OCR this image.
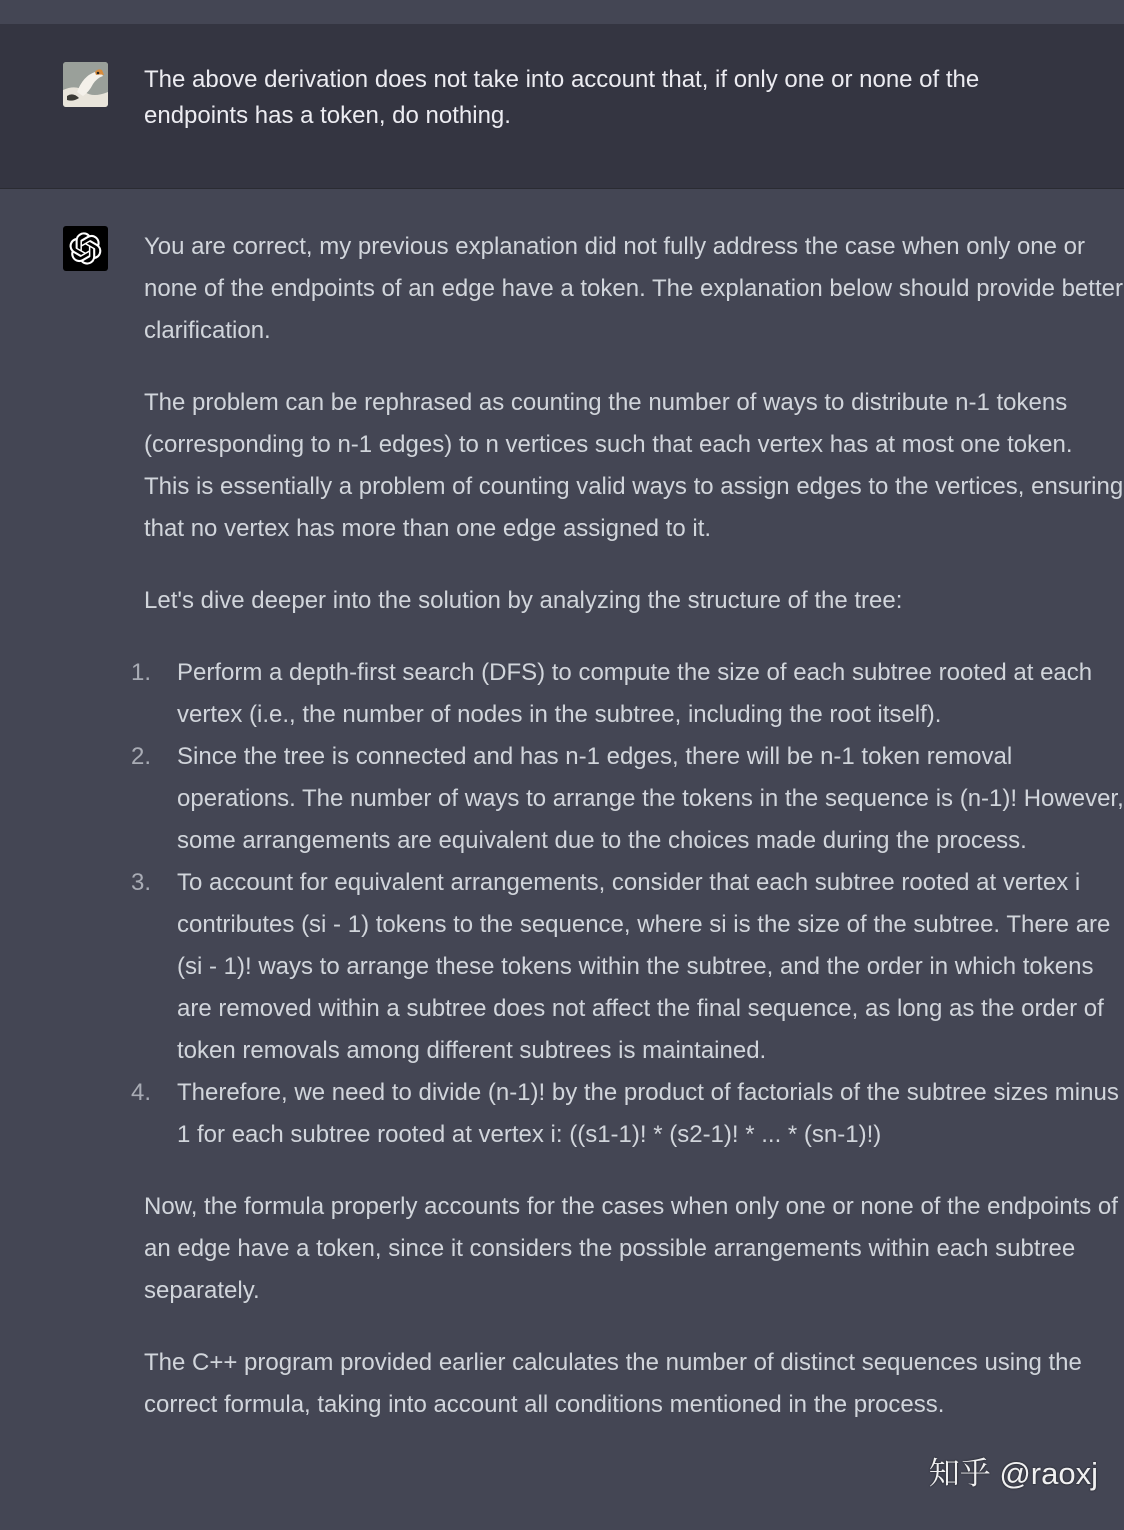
The above derivation does not take into account that, if only one or none of the endpoints has a token, do nothing.

You are correct, my previous explanation did not fully address the case when only one or none of the endpoints of an edge have a token. The explanation below should provide better clarification.

The problem can be rephrased as counting the number of ways to distribute n-1 tokens (corresponding to n-1 edges) to n vertices such that each vertex has at most one token. This is essentially a problem of counting valid ways to assign edges to the vertices, ensuring that no vertex has more than one edge assigned to it.

Let's dive deeper into the solution by analyzing the structure of the tree:

1. Perform a depth-first search (DFS) to compute the size of each subtree rooted at each vertex (i.e., the number of nodes in the subtree, including the root itself).
2. Since the tree is connected and has n-1 edges, there will be n-1 token removal operations. The number of ways to arrange the tokens in the sequence is (n-1)! However, some arrangements are equivalent due to the choices made during the process.
3. To account for equivalent arrangements, consider that each subtree rooted at vertex i contributes (si - 1) tokens to the sequence, where si is the size of the subtree. There are (si - 1)! ways to arrange these tokens within the subtree, and the order in which tokens are removed within a subtree does not affect the final sequence, as long as the order of token removals among different subtrees is maintained.
4. Therefore, we need to divide (n-1)! by the product of factorials of the subtree sizes minus 1 for each subtree rooted at vertex i: ((s1-1)! * (s2-1)! * ... * (sn-1)!)

Now, the formula properly accounts for the cases when only one or none of the endpoints of an edge have a token, since it considers the possible arrangements within each subtree separately.

The C++ program provided earlier calculates the number of distinct sequences using the correct formula, taking into account all conditions mentioned in the process.

知乎 @raoxj
